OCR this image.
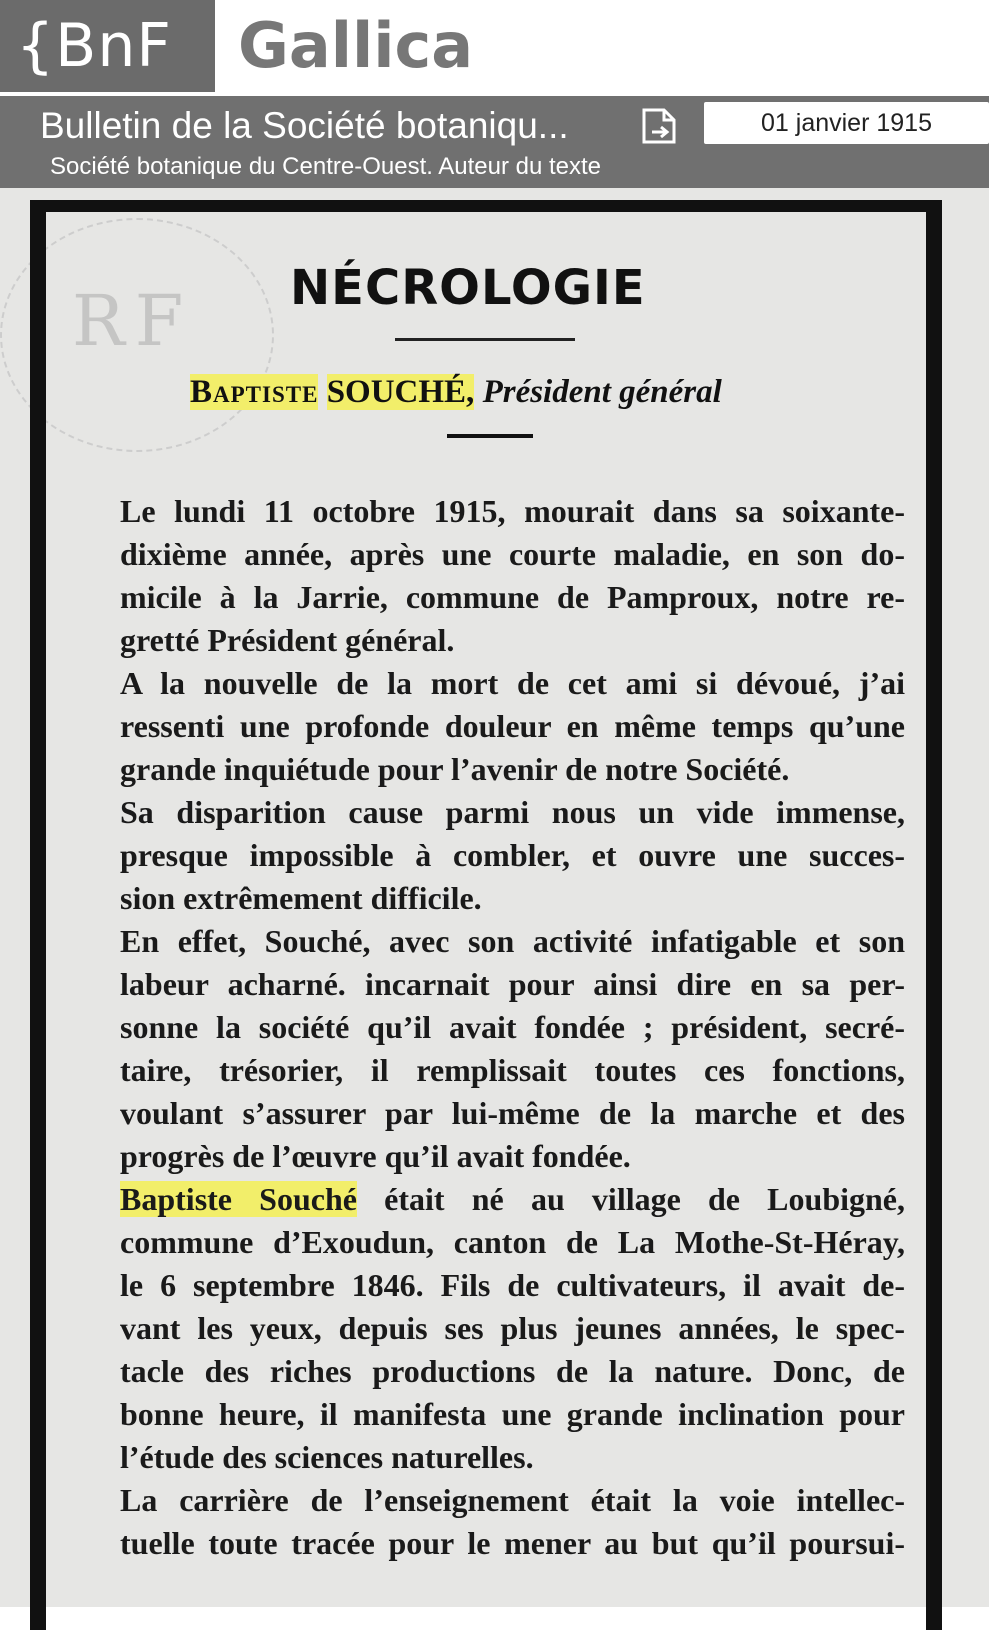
{BnF	Gallica
Bulletin de la Société botaniqu...
Société botanique du Centre-Ouest. Auteur du texte
01 janvier 1915
RF NÉCROLOGIE
Baptiste SOUCHÉ, Président général

Le lundi 11 octobre 1915, mourait dans sa soixante-
dixième année, après une courte maladie, en son do-
micile à la Jarrie, commune de Pamproux, notre re-
gretté Président général.

A la nouvelle de la mort de cet ami si dévoué, j’ai
ressenti une profonde douleur en même temps qu’une
grande inquiétude pour l’avenir de notre Société.

Sa disparition cause parmi nous un vide immense,
presque impossible à combler, et ouvre une succes-
sion extrêmement difficile.

En effet, Souché, avec son activité infatigable et son
labeur acharné. incarnait pour ainsi dire en sa per-
sonne la société qu’il avait fondée ; président, secré-
taire, trésorier, il remplissait toutes ces fonctions,
voulant s’assurer par lui-même de la marche et des
progrès de l’œuvre qu’il avait fondée.

Baptiste Souché était né au village de Loubigné,
commune d’Exoudun, canton de La Mothe-St-Héray,
le 6 septembre 1846. Fils de cultivateurs, il avait de-
vant les yeux, depuis ses plus jeunes années, le spec-
tacle des riches productions de la nature. Donc, de
bonne heure, il manifesta une grande inclination pour
l’étude des sciences naturelles.

La carrière de l’enseignement était la voie intellec-
tuelle toute tracée pour le mener au but qu’il poursui-
